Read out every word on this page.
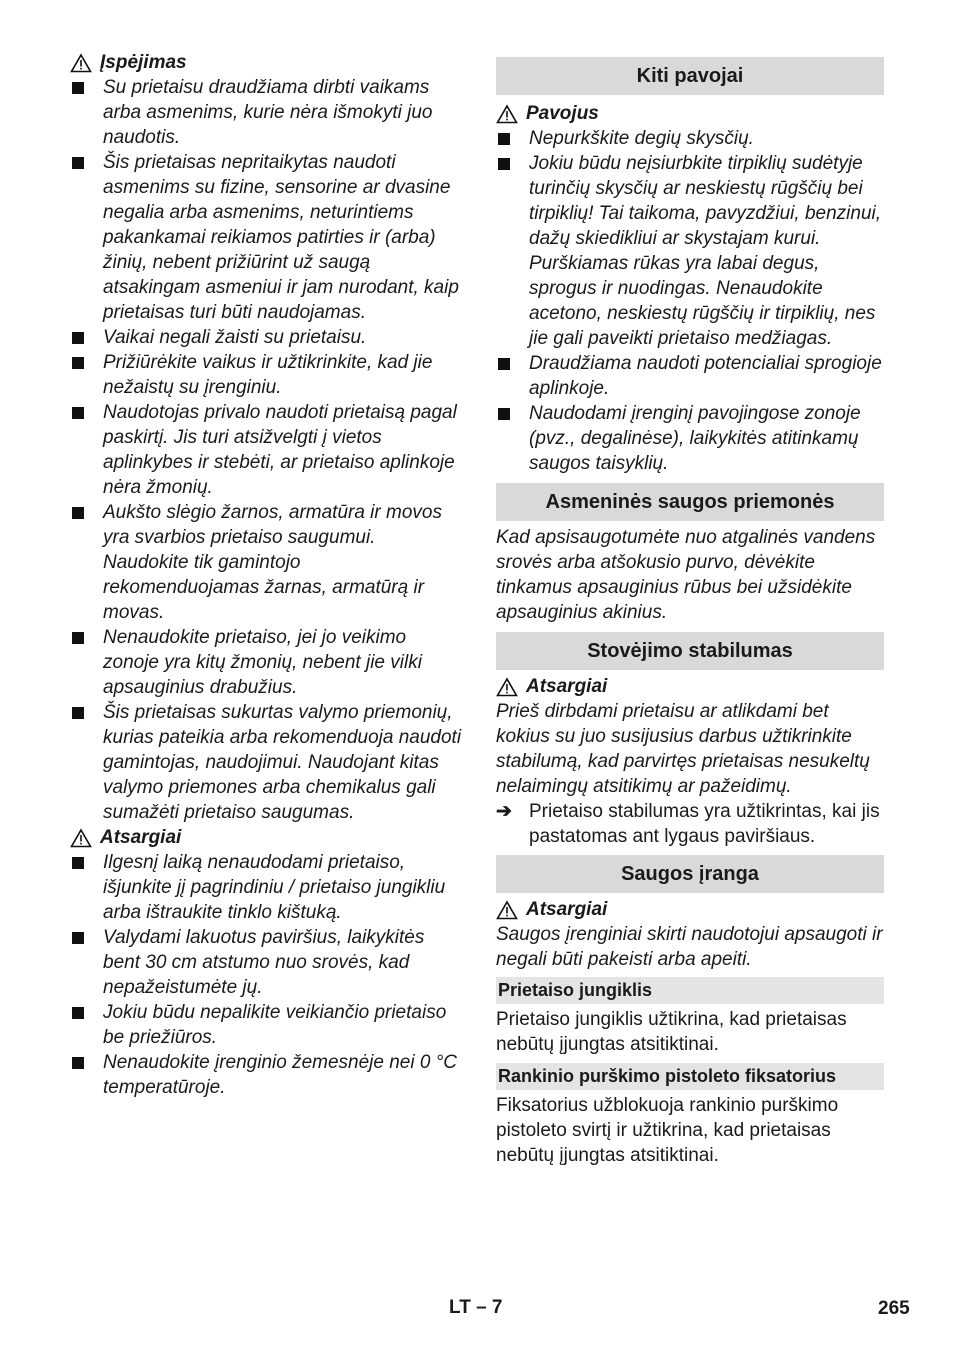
Įspėjimas
Su prietaisu draudžiama dirbti vaikams arba asmenims, kurie nėra išmokyti juo naudotis.
Šis prietaisas nepritaikytas naudoti asmenims su fizine, sensorine ar dvasine negalia arba asmenims, neturintiems pakankamai reikiamos patirties ir (arba) žinių, nebent prižiūrint už saugą atsakingam asmeniui ir jam nurodant, kaip prietaisas turi būti naudojamas.
Vaikai negali žaisti su prietaisu.
Prižiūrėkite vaikus ir užtikrinkite, kad jie nežaistų su įrenginiu.
Naudotojas privalo naudoti prietaisą pagal paskirtį. Jis turi atsižvelgti į vietos aplinkybes ir stebėti, ar prietaiso aplinkoje nėra žmonių.
Aukšto slėgio žarnos, armatūra ir movos yra svarbios prietaiso saugumui. Naudokite tik gamintojo rekomenduojamas žarnas, armatūrą ir movas.
Nenaudokite prietaiso, jei jo veikimo zonoje yra kitų žmonių, nebent jie vilki apsauginius drabužius.
Šis prietaisas sukurtas valymo priemonių, kurias pateikia arba rekomenduoja naudoti gamintojas, naudojimui. Naudojant kitas valymo priemones arba chemikalus gali sumažėti prietaiso saugumas.
Atsargiai
Ilgesnį laiką nenaudodami prietaiso, išjunkite jį pagrindiniu / prietaiso jungikliu arba ištraukite tinklo kištuką.
Valydami lakuotus paviršius, laikykitės bent 30 cm atstumo nuo srovės, kad nepažeistumėte jų.
Jokiu būdu nepalikite veikiančio prietaiso be priežiūros.
Nenaudokite įrenginio žemesnėje nei 0 °C temperatūroje.
Kiti pavojai
Pavojus
Nepurkškite degių skysčių.
Jokiu būdu neįsiurbkite tirpiklių sudėtyje turinčių skysčių ar neskiestų rūgščių bei tirpiklių! Tai taikoma, pavyzdžiui, benzinui, dažų skiedikliui ar skystajam kurui. Purškiamas rūkas yra labai degus, sprogus ir nuodingas. Nenaudokite acetono, neskiestų rūgščių ir tirpiklių, nes jie gali paveikti prietaiso medžiagas.
Draudžiama naudoti potencialiai sprogioje aplinkoje.
Naudodami įrenginį pavojingose zonoje (pvz., degalinėse), laikykitės atitinkamų saugos taisyklių.
Asmeninės saugos priemonės

Kad apsisaugotumėte nuo atgalinės vandens srovės arba atšokusio purvo, dėvėkite tinkamus apsauginius rūbus bei užsidėkite apsauginius akinius.

Stovėjimo stabilumas
Atsargiai

Prieš dirbdami prietaisu ar atlikdami bet kokius su juo susijusius darbus užtikrinkite stabilumą, kad parvirtęs prietaisas nesukeltų nelaimingų atsitikimų ar pažeidimų.

➔ Prietaiso stabilumas yra užtikrintas, kai jis pastatomas ant lygaus paviršiaus.
Saugos įranga
Atsargiai

Saugos įrenginiai skirti naudotojui apsaugoti ir negali būti pakeisti arba apeiti.

Prietaiso jungiklis

Prietaiso jungiklis užtikrina, kad prietaisas nebūtų įjungtas atsitiktinai.

Rankinio purškimo pistoleto fiksatorius

Fiksatorius užblokuoja rankinio purškimo pistoleto svirtį ir užtikrina, kad prietaisas nebūtų įjungtas atsitiktinai.

LT – 7	265
